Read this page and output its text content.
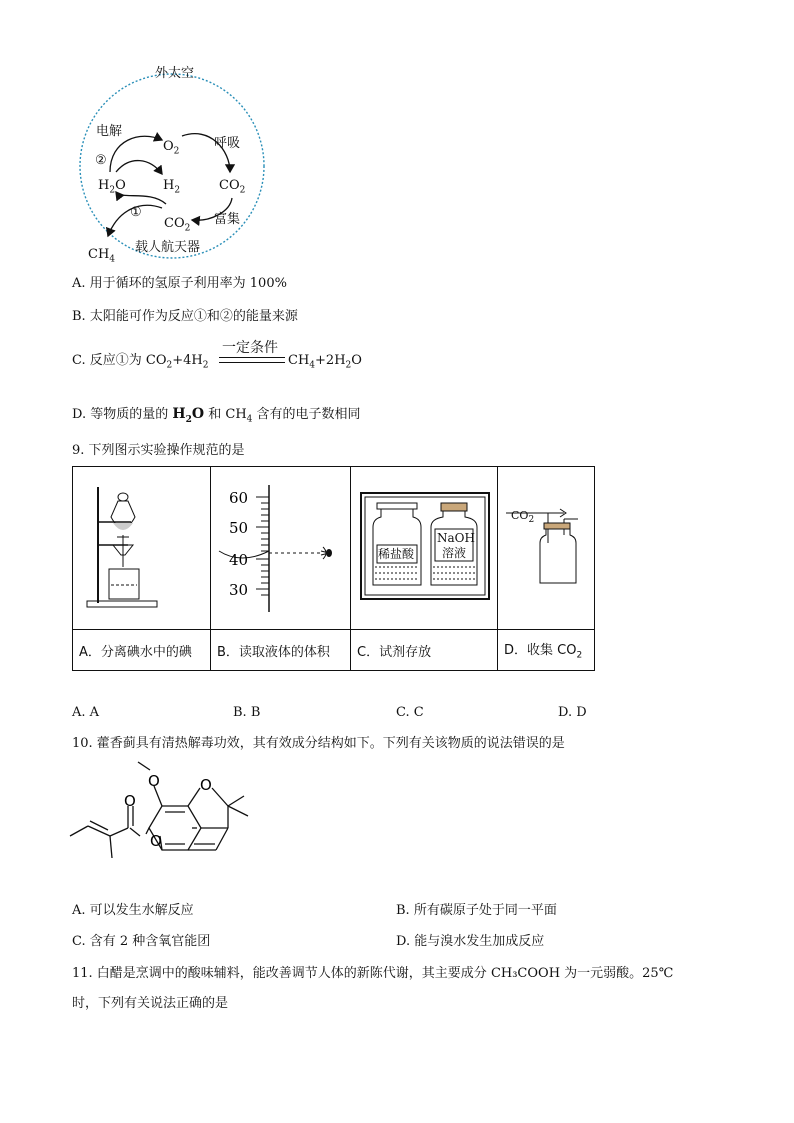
外太空
电解
②
$O_2$
呼吸
$H_2O$	$H_2$	$CO_2$
①	富集
$CO_2$
载人航天器
$CH_4$
A. 用于循环的氢原子利用率为 100%
B. 太阳能可作为反应①和②的能量来源
C. 反应①为 $CO_2+4H_2$
一定条件
$CH_4+2H_2O$
D. 等物质的量的 $H_2O$ 和 $CH_4$ 含有的电子数相同
9. 下列图示实验操作规范的是

60
50
40
30

A．分离碘水中的碘	B．读取液体的体积	C．试剂存放	D．收集 $CO_2$
稀盐酸
NaOH
溶液
$CO_2$
A. A	B. B	C. C	D. D
10. 藿香蓟具有清热解毒功效，其有效成分结构如下。下列有关该物质的说法错误的是
O	O
O
O
A. 可以发生水解反应	B. 所有碳原子处于同一平面
C. 含有 2 种含氧官能团	D. 能与溴水发生加成反应
11. 白醋是烹调中的酸味辅料，能改善调节人体的新陈代谢，其主要成分 CH₃COOH 为一元弱酸。25℃
时，下列有关说法正确的是
